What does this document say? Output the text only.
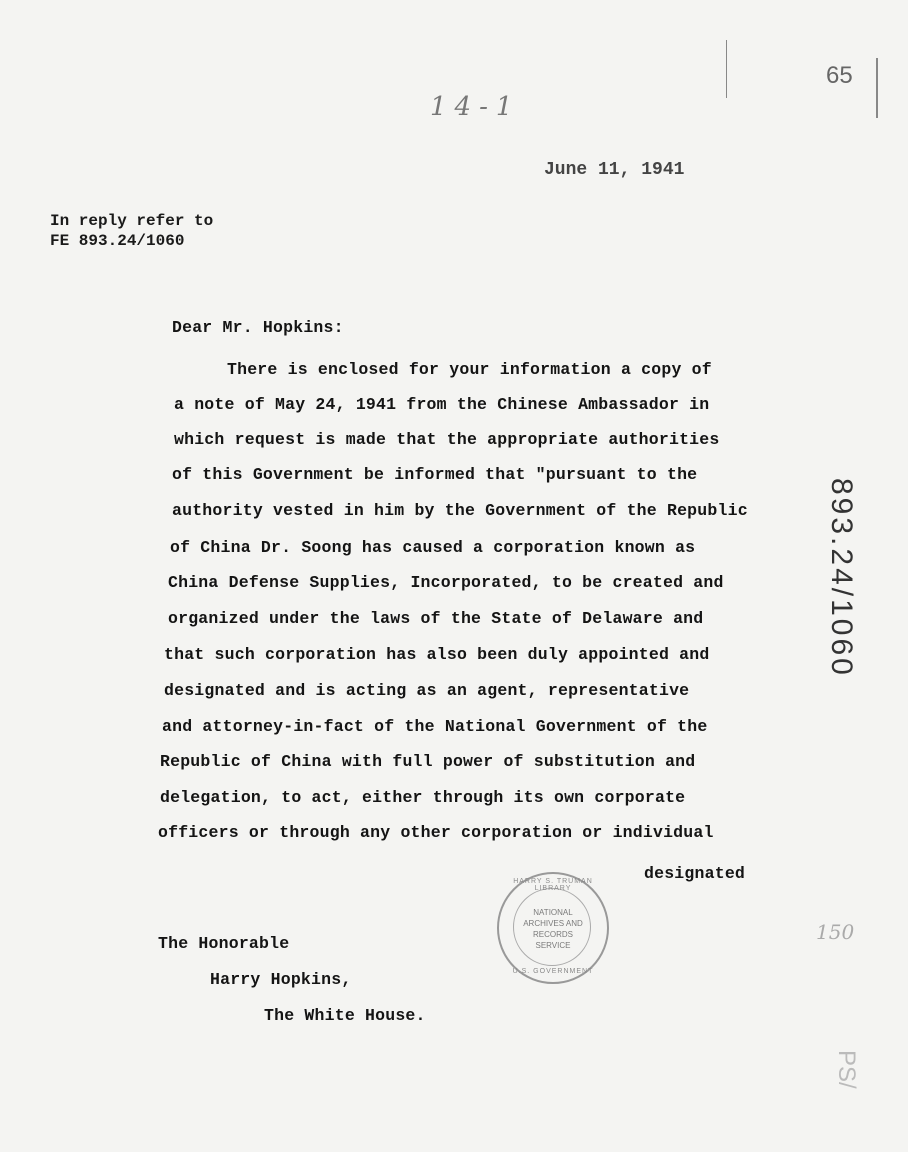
65
14-1
June 11, 1941
In reply refer to
FE 893.24/1060
893.24/1060
Dear Mr. Hopkins:
There is enclosed for your information a copy of
a note of May 24, 1941 from the Chinese Ambassador in
which request is made that the appropriate authorities
of this Government be informed that "pursuant to the
authority vested in him by the Government of the Republic
of China Dr. Soong has caused a corporation known as
China Defense Supplies, Incorporated, to be created and
organized under the laws of the State of Delaware and
that such corporation has also been duly appointed and
designated and is acting as an agent, representative
and attorney-in-fact of the National Government of the
Republic of China with full power of substitution and
delegation, to act, either through its own corporate
officers or through any other corporation or individual
designated
The Honorable
Harry Hopkins,
The White House.
HARRY S. TRUMAN LIBRARY
NATIONAL
ARCHIVES AND
RECORDS
SERVICE
U.S. GOVERNMENT
150
PS/
